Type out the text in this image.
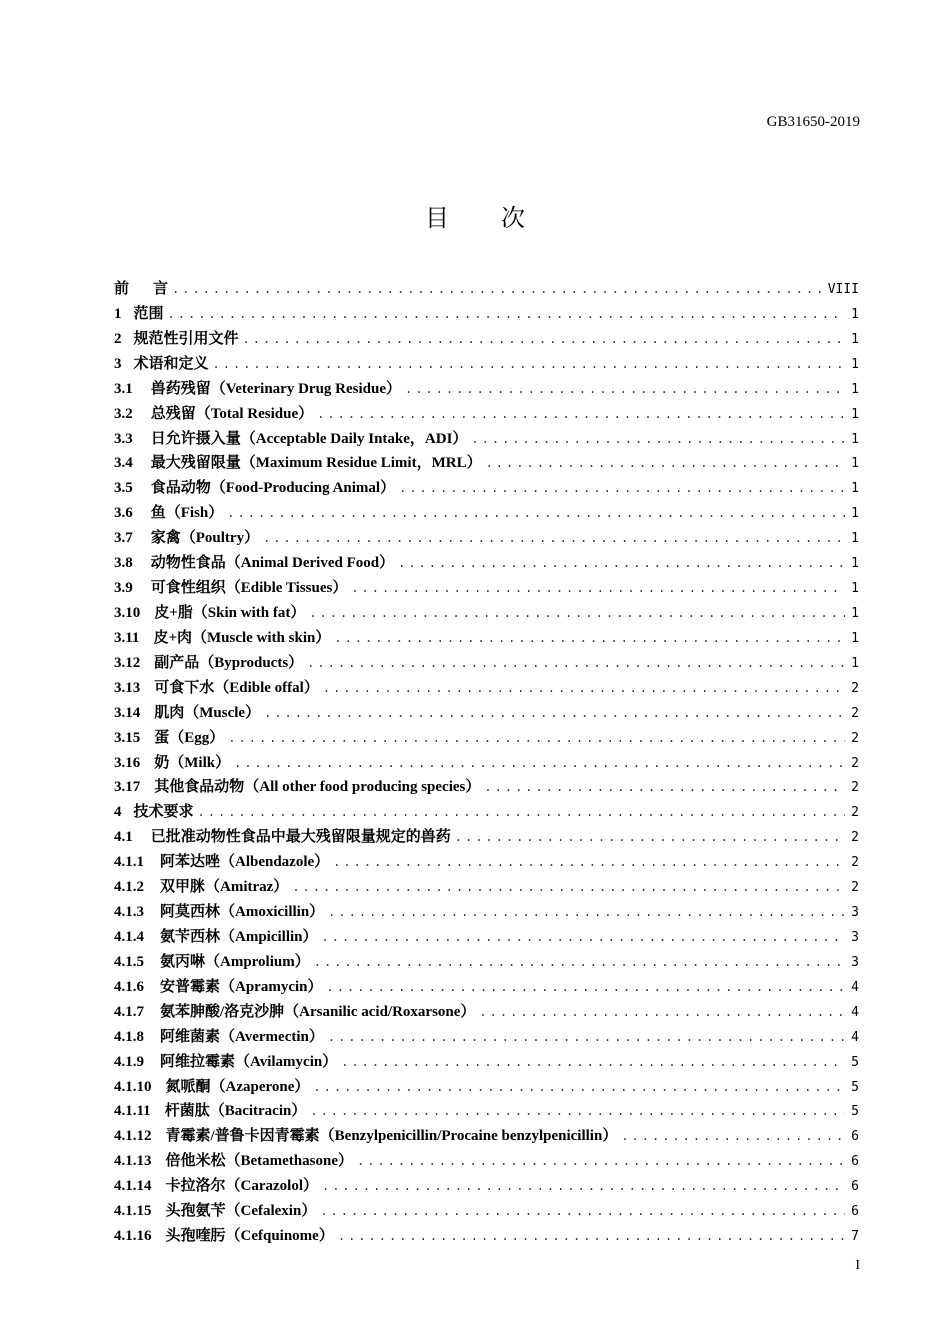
GB31650-2019
目 次
前 言 .....	VIII
1 范围 .....	1
2 规范性引用文件 .....	1
3 术语和定义 .....	1
3.1 兽药残留（Veterinary Drug Residue） .....	1
3.2 总残留（Total Residue） .....	1
3.3 日允许摄入量（Acceptable Daily Intake，ADI） .....	1
3.4 最大残留限量（Maximum Residue Limit，MRL） .....	1
3.5 食品动物（Food-Producing Animal） .....	1
3.6 鱼（Fish） .....	1
3.7 家禽（Poultry） .....	1
3.8 动物性食品（Animal Derived Food） .....	1
3.9 可食性组织（Edible Tissues） .....	1
3.10 皮+脂（Skin with fat） .....	1
3.11 皮+肉（Muscle with skin） .....	1
3.12 副产品（Byproducts） .....	1
3.13 可食下水（Edible offal） .....	2
3.14 肌肉（Muscle） .....	2
3.15 蛋（Egg） .....	2
3.16 奶（Milk） .....	2
3.17 其他食品动物（All other food producing species） .....	2
4 技术要求 .....	2
4.1 已批准动物性食品中最大残留限量规定的兽药 .....	2
4.1.1 阿苯达唑（Albendazole） .....	2
4.1.2 双甲脒（Amitraz） .....	2
4.1.3 阿莫西林（Amoxicillin） .....	3
4.1.4 氨苄西林（Ampicillin） .....	3
4.1.5 氨丙啉（Amprolium） .....	3
4.1.6 安普霉素（Apramycin） .....	4
4.1.7 氨苯胂酸/洛克沙胂（Arsanilic acid/Roxarsone） .....	4
4.1.8 阿维菌素（Avermectin） .....	4
4.1.9 阿维拉霉素（Avilamycin） .....	5
4.1.10 氮哌酮（Azaperone） .....	5
4.1.11 杆菌肽（Bacitracin） .....	5
4.1.12 青霉素/普鲁卡因青霉素（Benzylpenicillin/Procaine benzylpenicillin） .....	6
4.1.13 倍他米松（Betamethasone） .....	6
4.1.14 卡拉洛尔（Carazolol） .....	6
4.1.15 头孢氨苄（Cefalexin） .....	6
4.1.16 头孢喹肟（Cefquinome） .....	7
I
